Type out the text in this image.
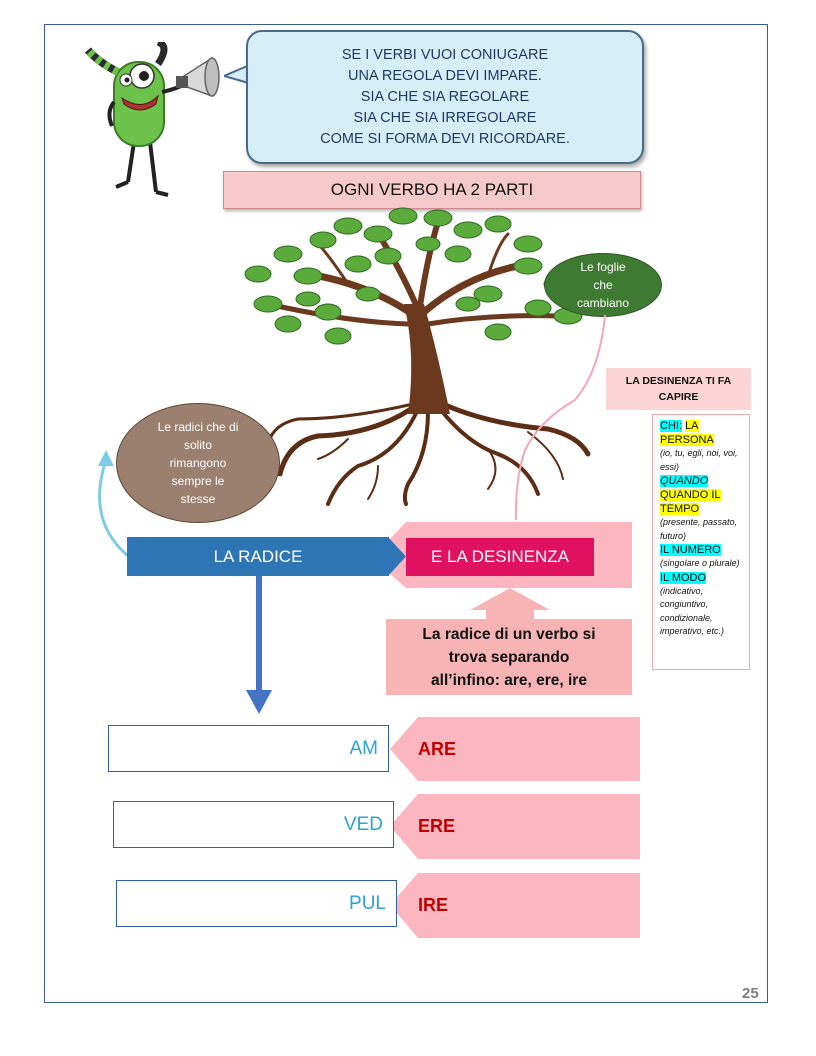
SE I VERBI VUOI CONIUGARE
UNA REGOLA DEVI IMPARE.
SIA CHE SIA REGOLARE
SIA CHE SIA IRREGOLARE
COME SI FORMA DEVI RICORDARE.
OGNI VERBO HA 2 PARTI
Le foglie
che
cambiano
Le radici che di
solito
rimangono
sempre le
stesse
LA RADICE	E LA DESINENZA
La radice di un verbo si
trova separando
all’infino: are, ere, ire
LA DESINENZA TI FA
CAPIRE
CHI: LA PERSONA
(io, tu, egli, noi, voi, essi)
QUANDO
QUANDO IL TEMPO
(presente, passato, futuro)
IL NUMERO
(singolare o plurale)
IL MODO
(indicativo, congiuntivo, condizionale, imperativo, etc.)
AM ARE
VED ERE
PUL IRE
25
